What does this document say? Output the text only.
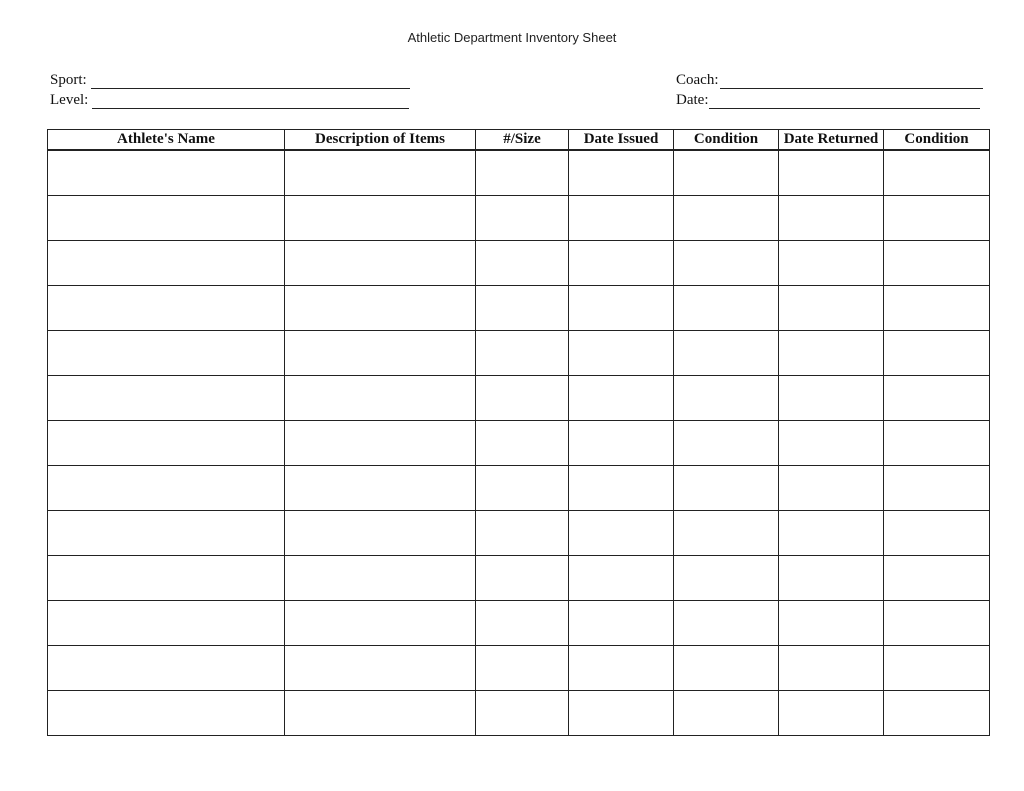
Athletic Department Inventory Sheet
Sport:
Level:
Coach:
Date:
Athlete's Name	Description of Items	#/Size	Date Issued	Condition	Date Returned	Condition
